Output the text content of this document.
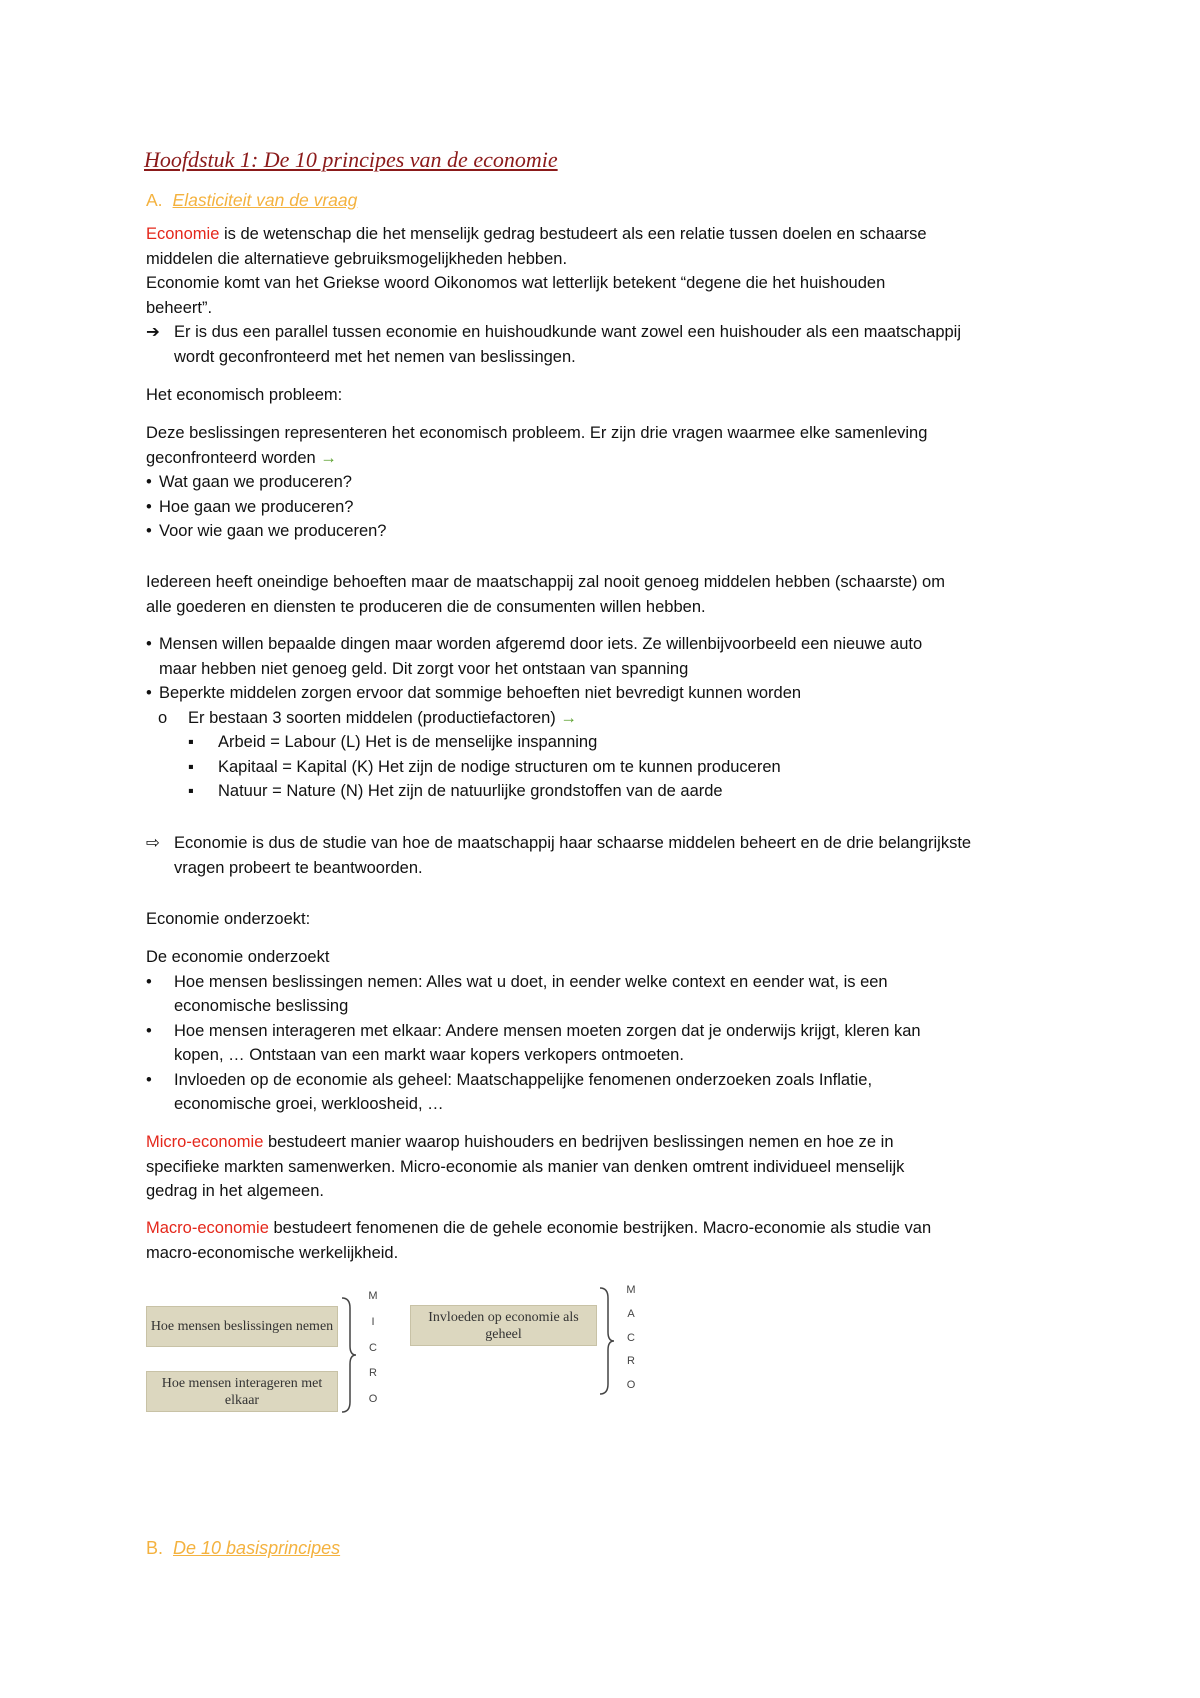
Hoofdstuk 1: De 10 principes van de economie
A. Elasticiteit van de vraag
Economie is de wetenschap die het menselijk gedrag bestudeert als een relatie tussen doelen en schaarse
middelen die alternatieve gebruiksmogelijkheden hebben.
Economie komt van het Griekse woord Oikonomos wat letterlijk betekent “degene die het huishouden
beheert”.
➔ Er is dus een parallel tussen economie en huishoudkunde want zowel een huishouder als een maatschappij
wordt geconfronteerd met het nemen van beslissingen.
Het economisch probleem:
Deze beslissingen representeren het economisch probleem. Er zijn drie vragen waarmee elke samenleving
geconfronteerd worden →
• Wat gaan we produceren?
• Hoe gaan we produceren?
• Voor wie gaan we produceren?
Iedereen heeft oneindige behoeften maar de maatschappij zal nooit genoeg middelen hebben (schaarste) om
alle goederen en diensten te produceren die de consumenten willen hebben.
• Mensen willen bepaalde dingen maar worden afgeremd door iets. Ze willenbijvoorbeeld een nieuwe auto
maar hebben niet genoeg geld. Dit zorgt voor het ontstaan van spanning
• Beperkte middelen zorgen ervoor dat sommige behoeften niet bevredigt kunnen worden
o	Er bestaan 3 soorten middelen (productiefactoren)
→
▪	Arbeid = Labour (L) Het is de menselijke inspanning
▪	Kapitaal = Kapital (K) Het zijn de nodige structuren om te kunnen produceren
▪	Natuur = Nature (N) Het zijn de natuurlijke grondstoffen van de aarde
⇨ Economie is dus de studie van hoe de maatschappij haar schaarse middelen beheert en de drie belangrijkste
vragen probeert te beantwoorden.
Economie onderzoekt:
De economie onderzoekt
•	Hoe mensen beslissingen nemen: Alles wat u doet, in eender welke context en eender wat, is een
economische beslissing
•	Hoe mensen interageren met elkaar: Andere mensen moeten zorgen dat je onderwijs krijgt, kleren kan
kopen, … Ontstaan van een markt waar kopers verkopers ontmoeten.
•	Invloeden op de economie als geheel: Maatschappelijke fenomenen onderzoeken zoals Inflatie,
economische groei, werkloosheid, …
Micro-economie bestudeert manier waarop huishouders en bedrijven beslissingen nemen en hoe ze in
specifieke markten samenwerken. Micro-economie als manier van denken omtrent individueel menselijk
gedrag in het algemeen.
Macro-economie bestudeert fenomenen die de gehele economie bestrijken. Macro-economie als studie van
macro-economische werkelijkheid.
Hoe mensen beslissingen nemen
Hoe mensen interageren met elkaar
M
I
C
R
O
Invloeden op economie als geheel
M
A
C
R
O
B. De 10 basisprincipes
